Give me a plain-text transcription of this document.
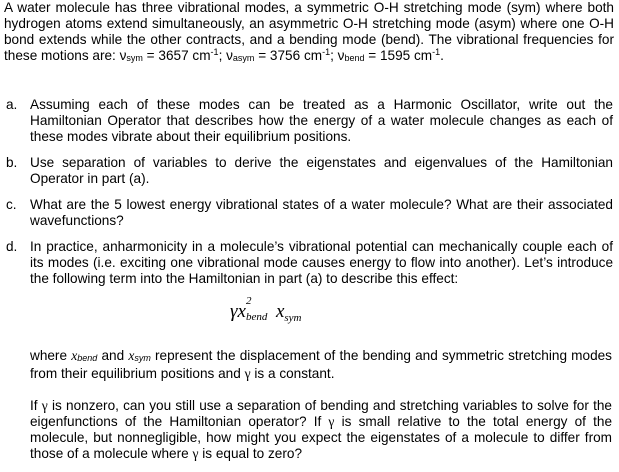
A water molecule has three vibrational modes, a symmetric O-H stretching mode (sym) where both hydrogen atoms extend simultaneously, an asymmetric O-H stretching mode (asym) where one O-H bond extends while the other contracts, and a bending mode (bend). The vibrational frequencies for these motions are: νsym = 3657 $cm^{-1}$; νasym = 3756 $cm^{-1}$; νbend = 1595 $cm^{-1}$.

a. Assuming each of these modes can be treated as a Harmonic Oscillator, write out the Hamiltonian Operator that describes how the energy of a water molecule changes as each of these modes vibrate about their equilibrium positions.

b. Use separation of variables to derive the eigenstates and eigenvalues of the Hamiltonian Operator in part (a).

c. What are the 5 lowest energy vibrational states of a water molecule? What are their associated wavefunctions?

d. In practice, anharmonicity in a molecule’s vibrational potential can mechanically couple each of its modes (i.e. exciting one vibrational mode causes energy to flow into another). Let’s introduce the following term into the Hamiltonian in part (a) to describe this effect:

γx 2
bend $x_{sym}$

where xbend and xsym represent the displacement of the bending and symmetric stretching modes from their equilibrium positions and γ is a constant.

If γ is nonzero, can you still use a separation of bending and stretching variables to solve for the eigenfunctions of the Hamiltonian operator? If γ is small relative to the total energy of the molecule, but nonnegligible, how might you expect the eigenstates of a molecule to differ from those of a molecule where γ is equal to zero?
